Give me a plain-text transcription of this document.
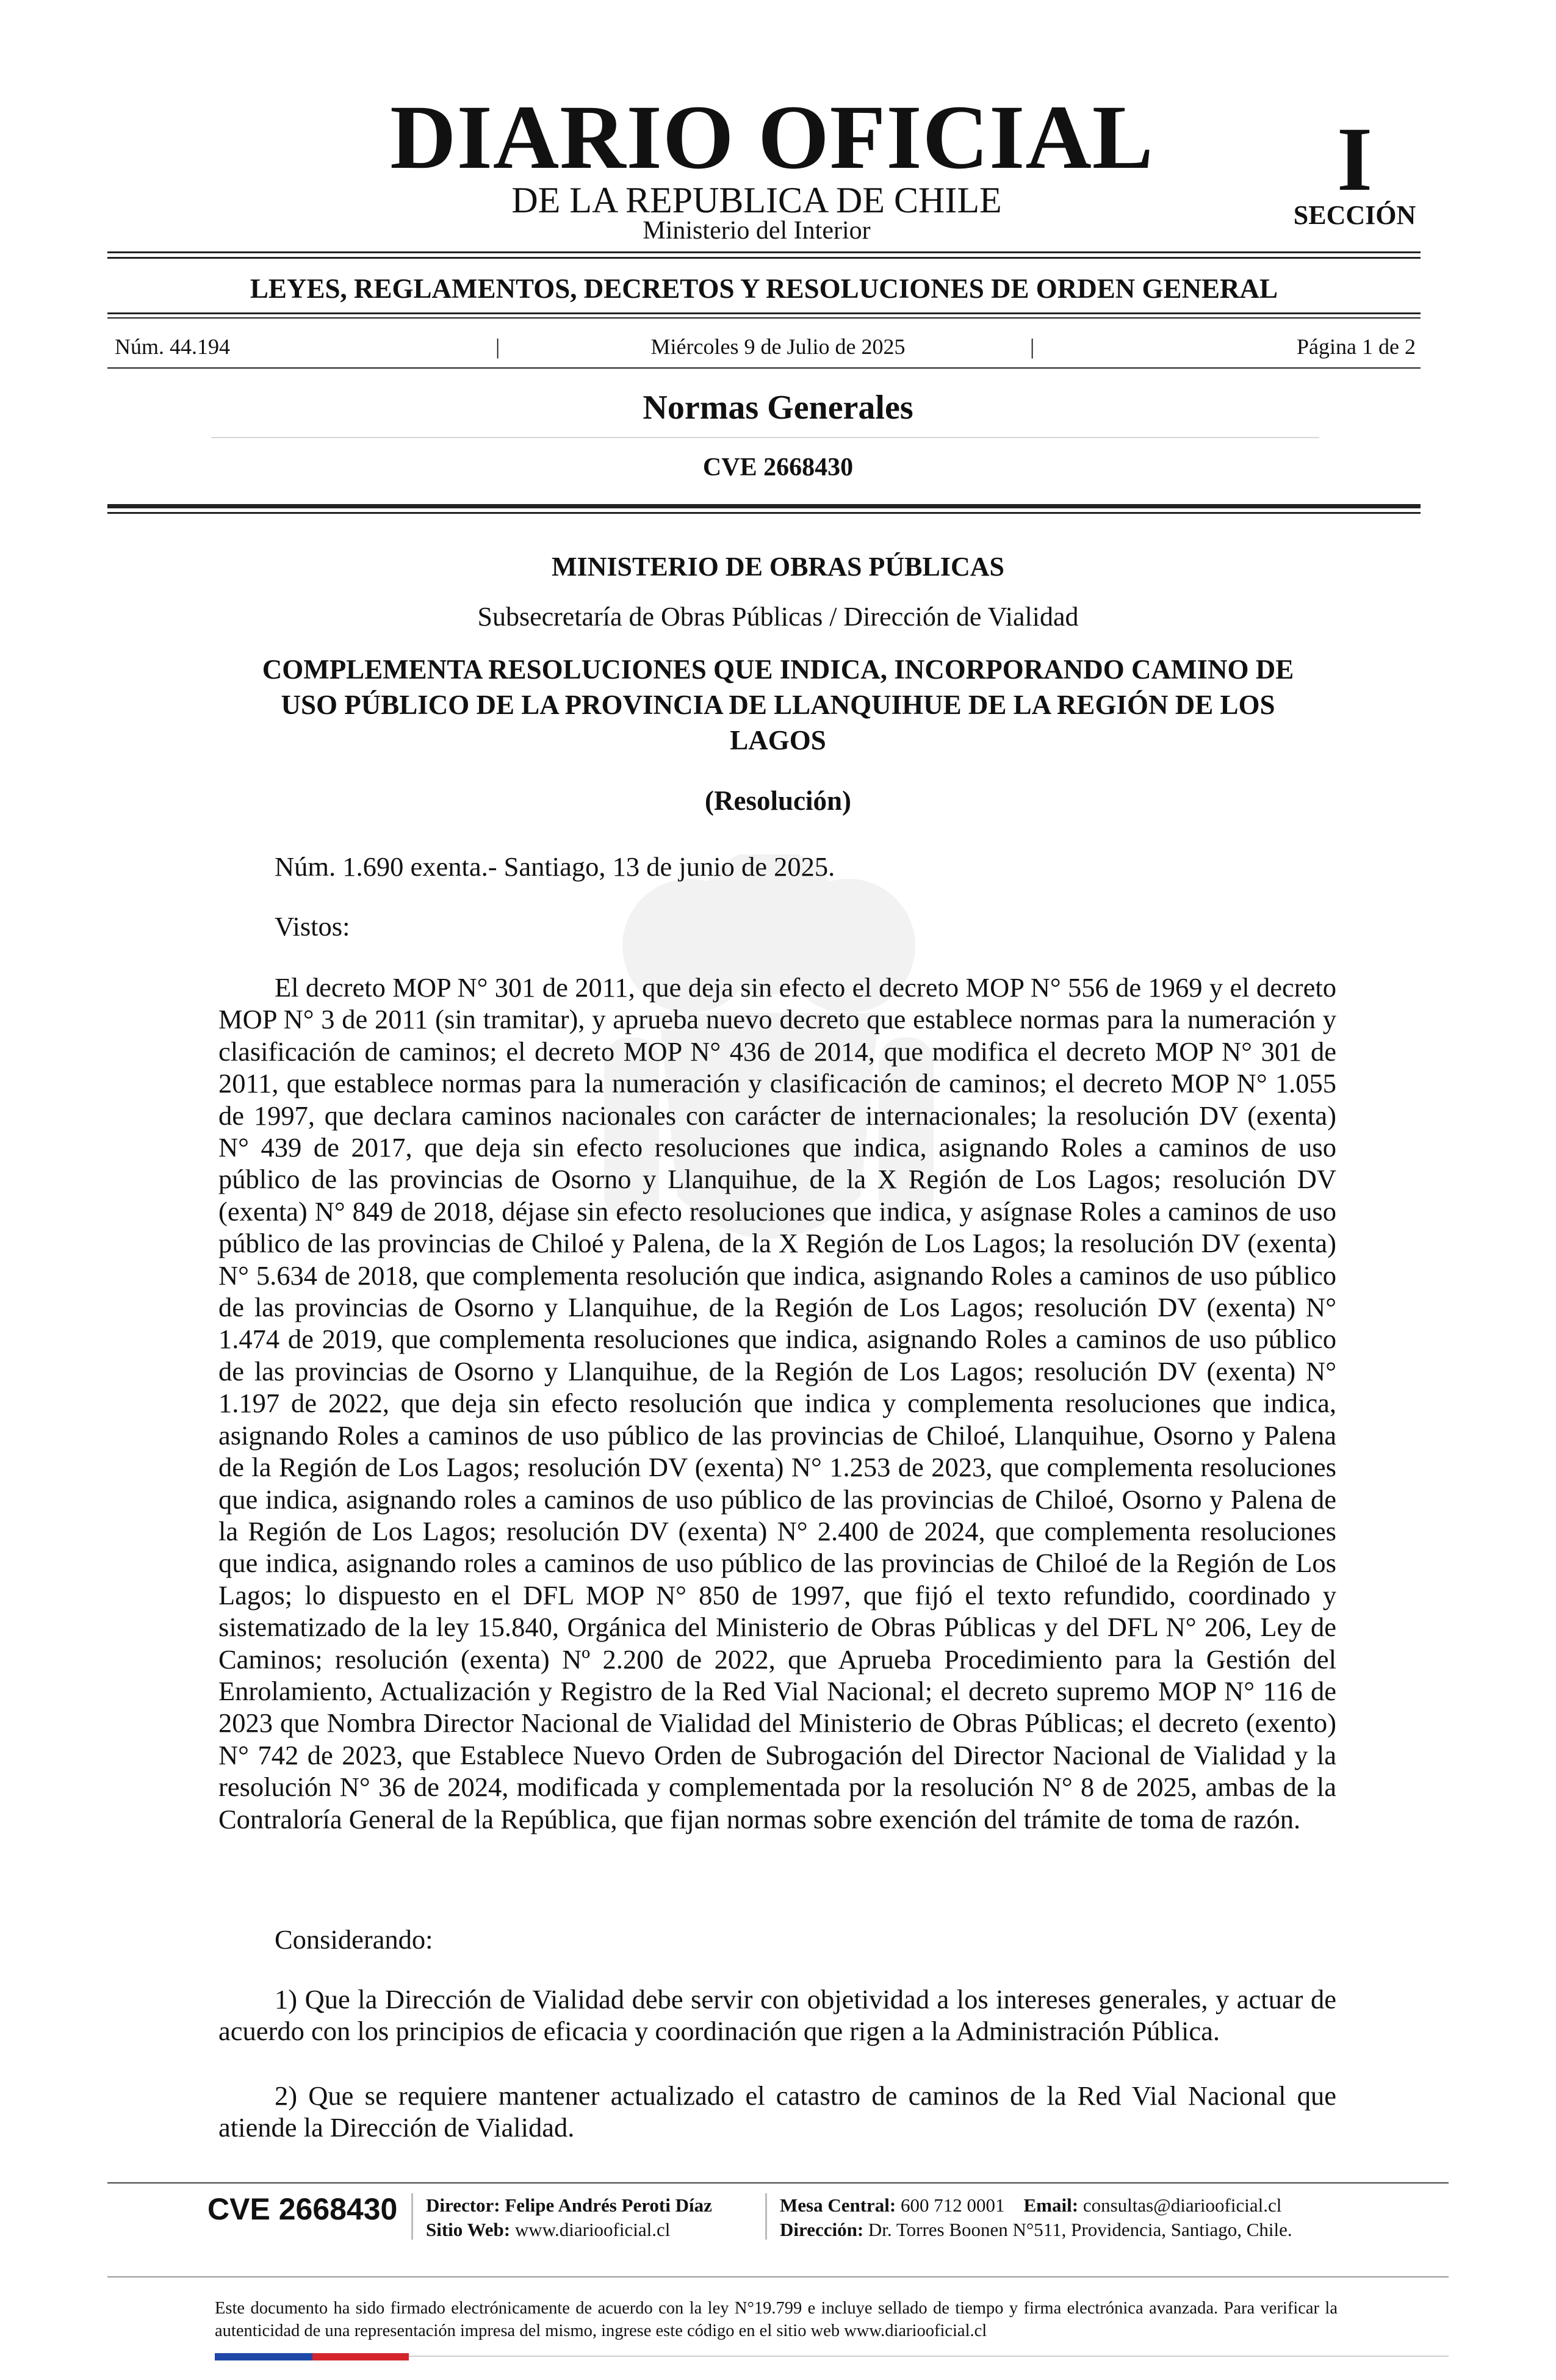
DIARIO OFICIAL
DE LA REPUBLICA DE CHILE
Ministerio del Interior
I
SECCIÓN
LEYES, REGLAMENTOS, DECRETOS Y RESOLUCIONES DE ORDEN GENERAL
Núm. 44.194	|	Miércoles 9 de Julio de 2025	|	Página 1 de 2
Normas Generales
CVE 2668430
MINISTERIO DE OBRAS PÚBLICAS
Subsecretaría de Obras Públicas / Dirección de Vialidad
COMPLEMENTA RESOLUCIONES QUE INDICA, INCORPORANDO CAMINO DE
USO PÚBLICO DE LA PROVINCIA DE LLANQUIHUE DE LA REGIÓN DE LOS
LAGOS
(Resolución)
Núm. 1.690 exenta.- Santiago, 13 de junio de 2025.
Vistos:
El decreto MOP N° 301 de 2011, que deja sin efecto el decreto MOP N° 556 de 1969 y el decreto MOP N° 3 de 2011 (sin tramitar), y aprueba nuevo decreto que establece normas para la numeración y clasificación de caminos; el decreto MOP N° 436 de 2014, que modifica el decreto MOP N° 301 de 2011, que establece normas para la numeración y clasificación de caminos; el decreto MOP N° 1.055 de 1997, que declara caminos nacionales con carácter de internacionales; la resolución DV (exenta) N° 439 de 2017, que deja sin efecto resoluciones que indica, asignando Roles a caminos de uso público de las provincias de Osorno y Llanquihue, de la X Región de Los Lagos; resolución DV (exenta) N° 849 de 2018, déjase sin efecto resoluciones que indica, y asígnase Roles a caminos de uso público de las provincias de Chiloé y Palena, de la X Región de Los Lagos; la resolución DV (exenta) N° 5.634 de 2018, que complementa resolución que indica, asignando Roles a caminos de uso público de las provincias de Osorno y Llanquihue, de la Región de Los Lagos; resolución DV (exenta) N° 1.474 de 2019, que complementa resoluciones que indica, asignando Roles a caminos de uso público de las provincias de Osorno y Llanquihue, de la Región de Los Lagos; resolución DV (exenta) N° 1.197 de 2022, que deja sin efecto resolución que indica y complementa resoluciones que indica, asignando Roles a caminos de uso público de las provincias de Chiloé, Llanquihue, Osorno y Palena de la Región de Los Lagos; resolución DV (exenta) N° 1.253 de 2023, que complementa resoluciones que indica, asignando roles a caminos de uso público de las provincias de Chiloé, Osorno y Palena de la Región de Los Lagos; resolución DV (exenta) N° 2.400 de 2024, que complementa resoluciones que indica, asignando roles a caminos de uso público de las provincias de Chiloé de la Región de Los Lagos; lo dispuesto en el DFL MOP N° 850 de 1997, que fijó el texto refundido, coordinado y sistematizado de la ley 15.840, Orgánica del Ministerio de Obras Públicas y del DFL N° 206, Ley de Caminos; resolución (exenta) Nº 2.200 de 2022, que Aprueba Procedimiento para la Gestión del Enrolamiento, Actualización y Registro de la Red Vial Nacional; el decreto supremo MOP N° 116 de 2023 que Nombra Director Nacional de Vialidad del Ministerio de Obras Públicas; el decreto (exento) N° 742 de 2023, que Establece Nuevo Orden de Subrogación del Director Nacional de Vialidad y la resolución N° 36 de 2024, modificada y complementada por la resolución N° 8 de 2025, ambas de la Contraloría General de la República, que fijan normas sobre exención del trámite de toma de razón.
Considerando:
1) Que la Dirección de Vialidad debe servir con objetividad a los intereses generales, y actuar de acuerdo con los principios de eficacia y coordinación que rigen a la Administración Pública.
2) Que se requiere mantener actualizado el catastro de caminos de la Red Vial Nacional que atiende la Dirección de Vialidad.
CVE 2668430	Director: Felipe Andrés Peroti Díaz
Sitio Web: www.diariooficial.cl
Mesa Central: 600 712 0001 Email: consultas@diariooficial.cl
Dirección: Dr. Torres Boonen N°511, Providencia, Santiago, Chile.
Este documento ha sido firmado electrónicamente de acuerdo con la ley N°19.799 e incluye sellado de tiempo y firma electrónica avanzada. Para verificar la autenticidad de una representación impresa del mismo, ingrese este código en el sitio web www.diariooficial.cl
